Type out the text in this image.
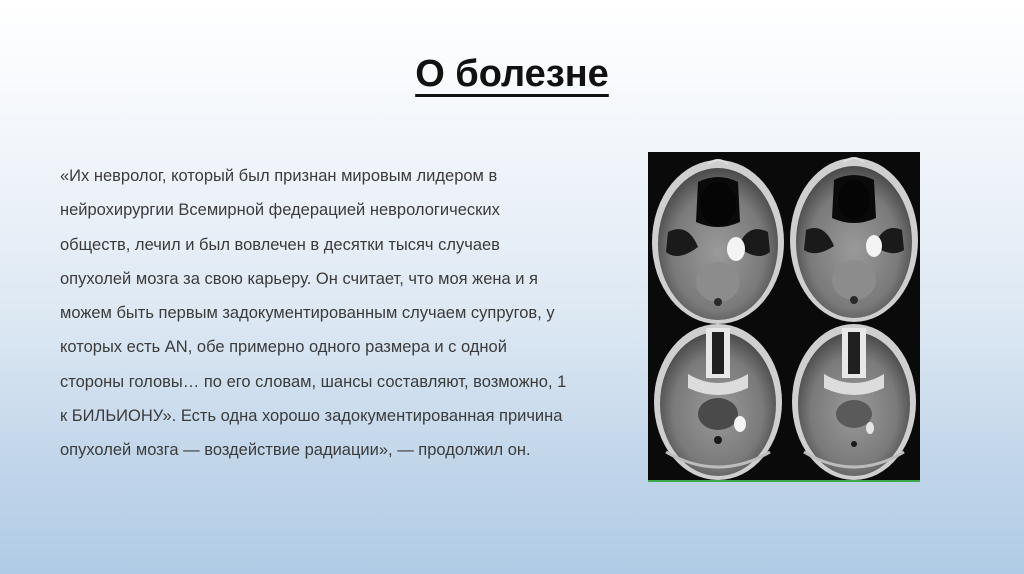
О болезне

«Их невролог, который был признан мировым лидером в
нейрохирургии Всемирной федерацией неврологических
обществ, лечил и был вовлечен в десятки тысяч случаев
опухолей мозга за свою карьеру. Он считает, что моя жена и я
можем быть первым задокументированным случаем супругов, у
которых есть AN, обе примерно одного размера и с одной
стороны головы… по его словам, шансы составляют, возможно, 1
к БИЛЬИОНУ». Есть одна хорошо задокументированная причина
опухолей мозга — воздействие радиации», — продолжил он.
